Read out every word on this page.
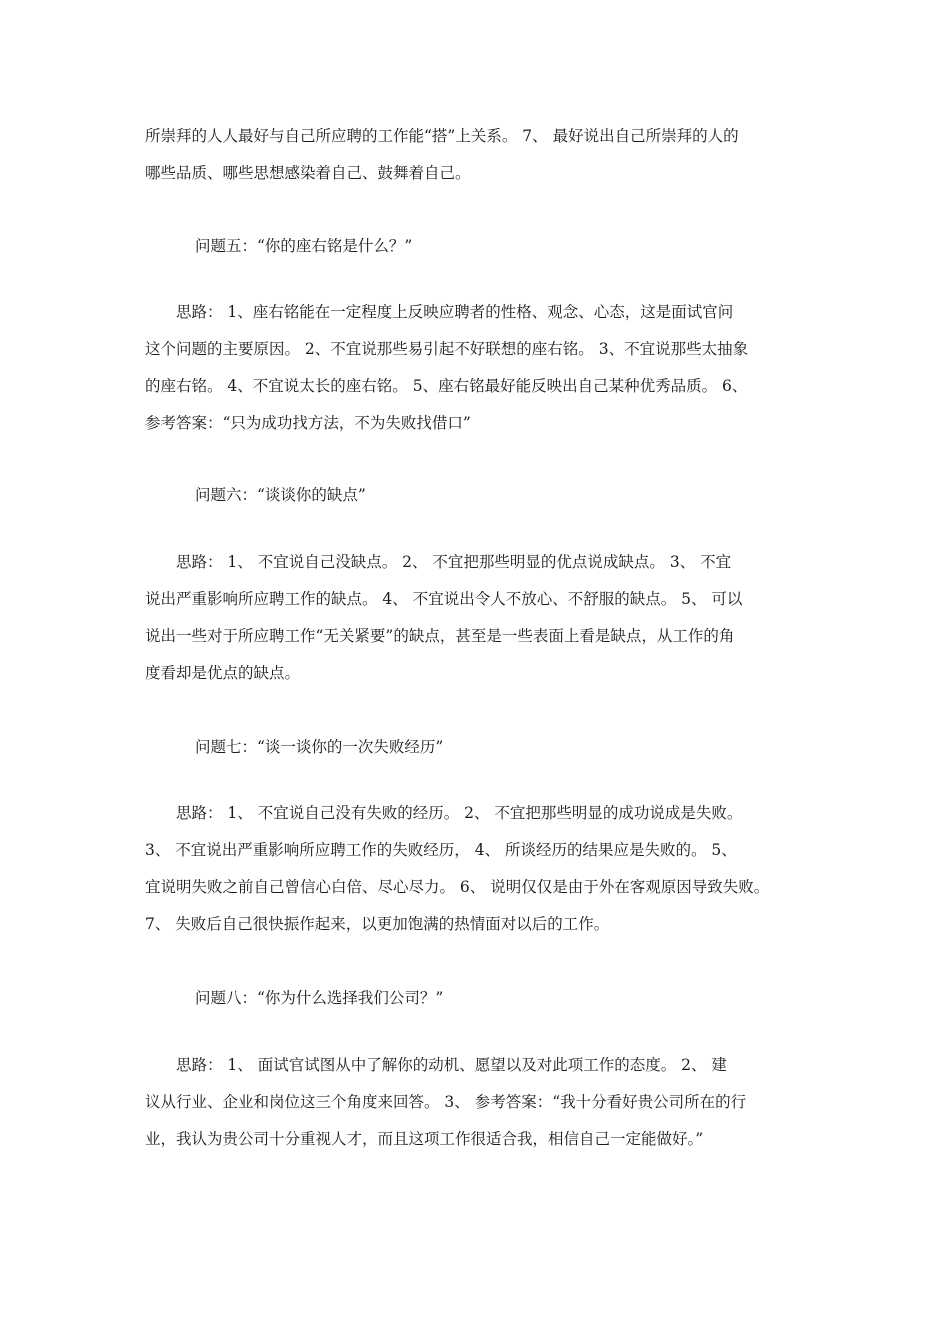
所崇拜的人人最好与自己所应聘的工作能“搭”上关系。 7、 最好说出自己所崇拜的人的
哪些品质、哪些思想感染着自己、鼓舞着自己。
问题五：“你的座右铭是什么？”
　　思路： 1、座右铭能在一定程度上反映应聘者的性格、观念、心态，这是面试官问
这个问题的主要原因。 2、不宜说那些易引起不好联想的座右铭。 3、不宜说那些太抽象
的座右铭。 4、不宜说太长的座右铭。 5、座右铭最好能反映出自己某种优秀品质。 6、
参考答案：“只为成功找方法，不为失败找借口”
问题六：“谈谈你的缺点”
　　思路： 1、 不宜说自己没缺点。 2、 不宜把那些明显的优点说成缺点。 3、 不宜
说出严重影响所应聘工作的缺点。 4、 不宜说出令人不放心、不舒服的缺点。 5、 可以
说出一些对于所应聘工作“无关紧要”的缺点，甚至是一些表面上看是缺点，从工作的角
度看却是优点的缺点。
问题七：“谈一谈你的一次失败经历”
　　思路： 1、 不宜说自己没有失败的经历。 2、 不宜把那些明显的成功说成是失败。
3、 不宜说出严重影响所应聘工作的失败经历， 4、 所谈经历的结果应是失败的。 5、
宜说明失败之前自己曾信心白倍、尽心尽力。 6、 说明仅仅是由于外在客观原因导致失败。
7、 失败后自己很快振作起来，以更加饱满的热情面对以后的工作。
问题八：“你为什么选择我们公司？”
　　思路： 1、 面试官试图从中了解你的动机、愿望以及对此项工作的态度。 2、 建
议从行业、企业和岗位这三个角度来回答。 3、 参考答案：“我十分看好贵公司所在的行
业，我认为贵公司十分重视人才，而且这项工作很适合我，相信自己一定能做好。”
